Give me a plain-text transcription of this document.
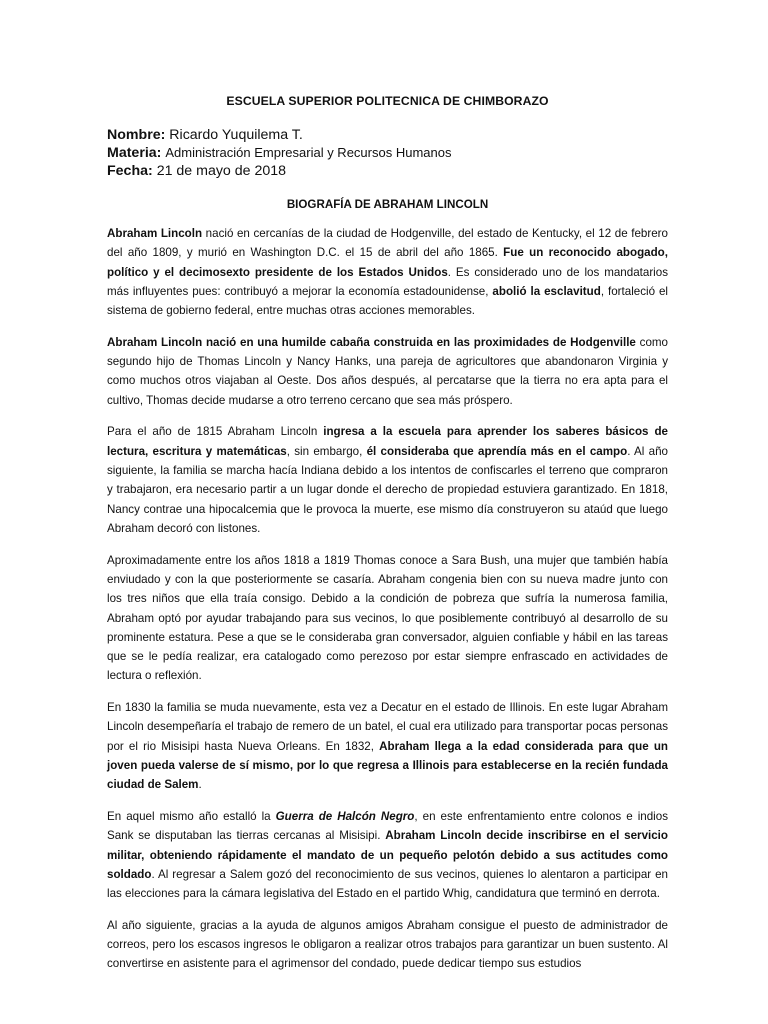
ESCUELA SUPERIOR POLITECNICA DE CHIMBORAZO
Nombre: Ricardo Yuquilema T.
Materia: Administración Empresarial y Recursos Humanos
Fecha: 21 de mayo de 2018
BIOGRAFÍA DE ABRAHAM LINCOLN

Abraham Lincoln nació en cercanías de la ciudad de Hodgenville, del estado de Kentucky, el 12 de febrero del año 1809, y murió en Washington D.C. el 15 de abril del año 1865. Fue un reconocido abogado, político y el decimosexto presidente de los Estados Unidos. Es considerado uno de los mandatarios más influyentes pues: contribuyó a mejorar la economía estadounidense, abolió la esclavitud, fortaleció el sistema de gobierno federal, entre muchas otras acciones memorables.

Abraham Lincoln nació en una humilde cabaña construida en las proximidades de Hodgenville como segundo hijo de Thomas Lincoln y Nancy Hanks, una pareja de agricultores que abandonaron Virginia y como muchos otros viajaban al Oeste. Dos años después, al percatarse que la tierra no era apta para el cultivo, Thomas decide mudarse a otro terreno cercano que sea más próspero.

Para el año de 1815 Abraham Lincoln ingresa a la escuela para aprender los saberes básicos de lectura, escritura y matemáticas, sin embargo, él consideraba que aprendía más en el campo. Al año siguiente, la familia se marcha hacía Indiana debido a los intentos de confiscarles el terreno que compraron y trabajaron, era necesario partir a un lugar donde el derecho de propiedad estuviera garantizado. En 1818, Nancy contrae una hipocalcemia que le provoca la muerte, ese mismo día construyeron su ataúd que luego Abraham decoró con listones.

Aproximadamente entre los años 1818 a 1819 Thomas conoce a Sara Bush, una mujer que también había enviudado y con la que posteriormente se casaría. Abraham congenia bien con su nueva madre junto con los tres niños que ella traía consigo. Debido a la condición de pobreza que sufría la numerosa familia, Abraham optó por ayudar trabajando para sus vecinos, lo que posiblemente contribuyó al desarrollo de su prominente estatura. Pese a que se le consideraba gran conversador, alguien confiable y hábil en las tareas que se le pedía realizar, era catalogado como perezoso por estar siempre enfrascado en actividades de lectura o reflexión.

En 1830 la familia se muda nuevamente, esta vez a Decatur en el estado de Illinois. En este lugar Abraham Lincoln desempeñaría el trabajo de remero de un batel, el cual era utilizado para transportar pocas personas por el rio Misisipi hasta Nueva Orleans. En 1832, Abraham llega a la edad considerada para que un joven pueda valerse de sí mismo, por lo que regresa a Illinois para establecerse en la recién fundada ciudad de Salem.

En aquel mismo año estalló la Guerra de Halcón Negro, en este enfrentamiento entre colonos e indios Sank se disputaban las tierras cercanas al Misisipi. Abraham Lincoln decide inscribirse en el servicio militar, obteniendo rápidamente el mandato de un pequeño pelotón debido a sus actitudes como soldado. Al regresar a Salem gozó del reconocimiento de sus vecinos, quienes lo alentaron a participar en las elecciones para la cámara legislativa del Estado en el partido Whig, candidatura que terminó en derrota.

Al año siguiente, gracias a la ayuda de algunos amigos Abraham consigue el puesto de administrador de correos, pero los escasos ingresos le obligaron a realizar otros trabajos para garantizar un buen sustento. Al convertirse en asistente para el agrimensor del condado, puede dedicar tiempo sus estudios
